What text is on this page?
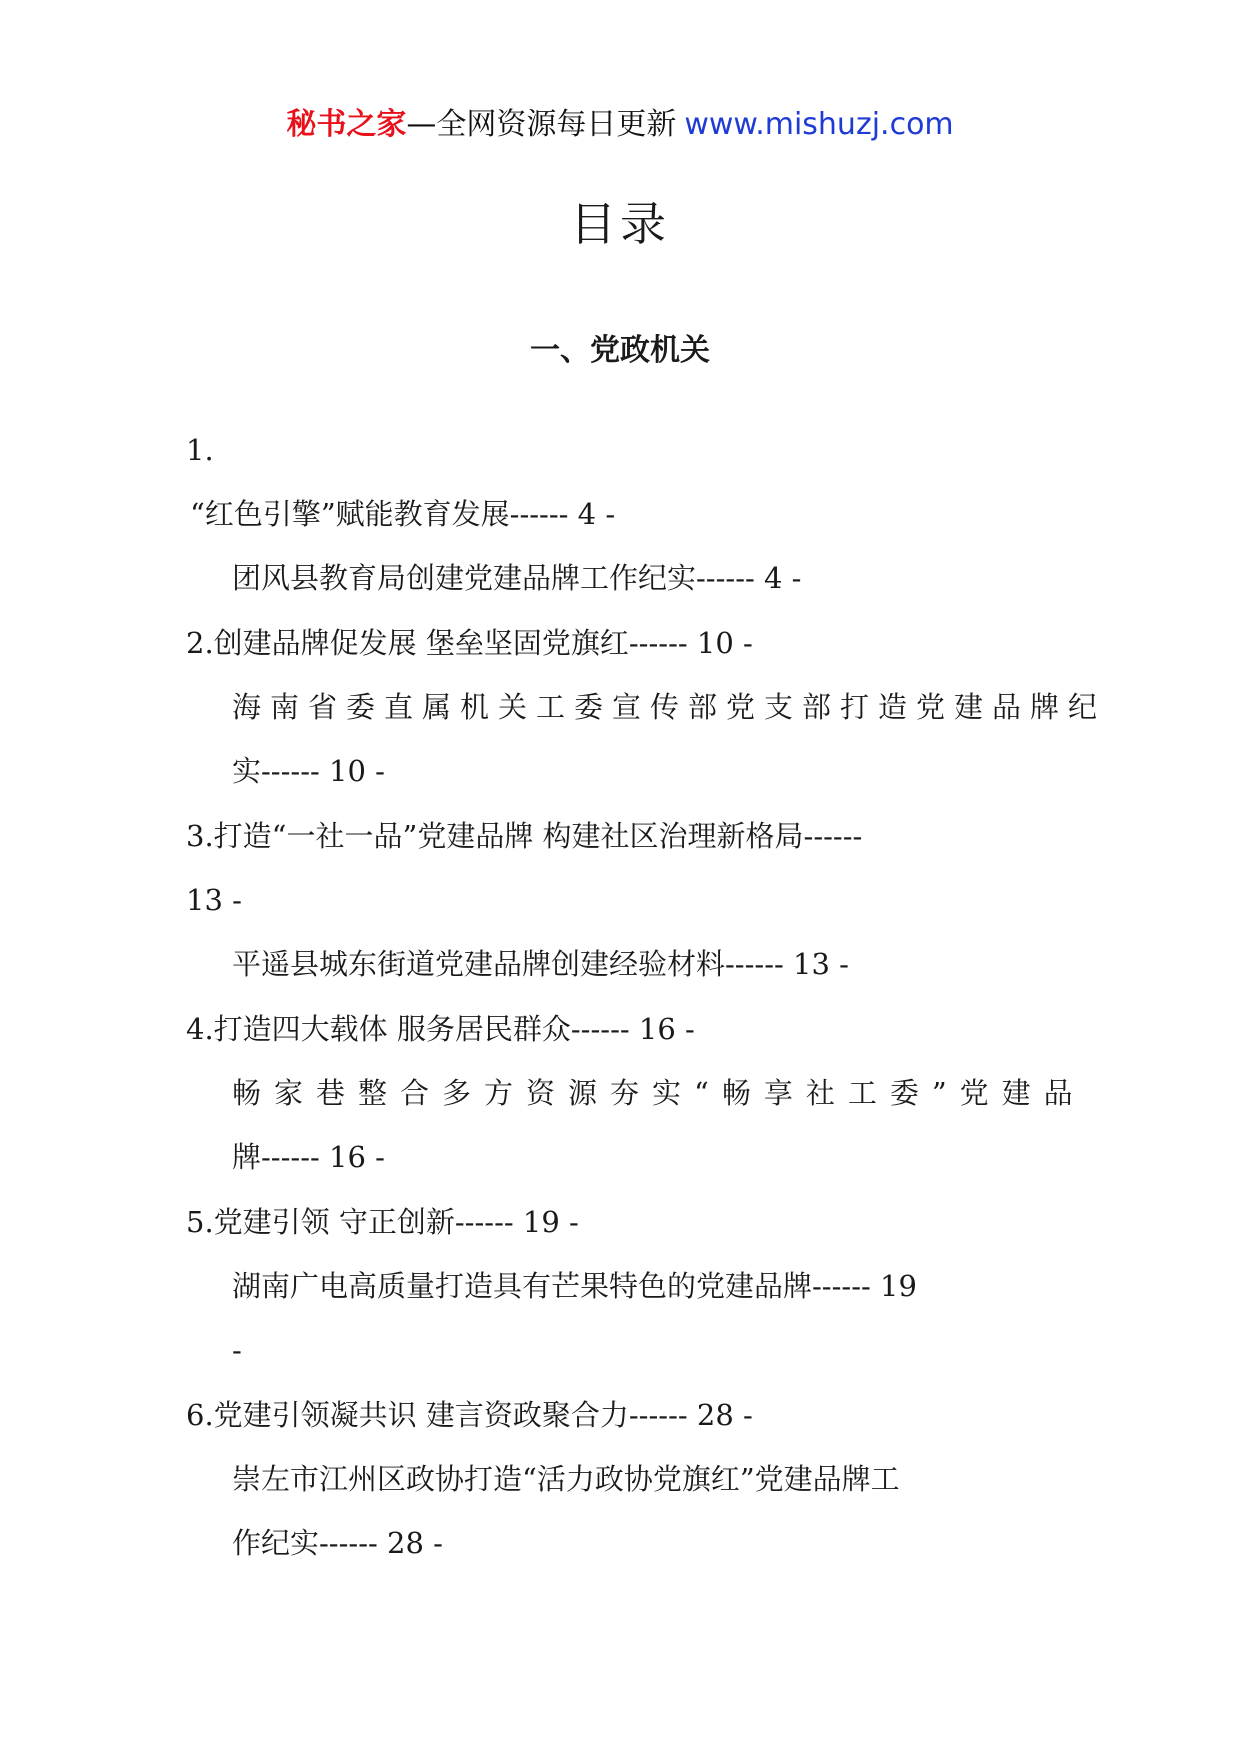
秘书之家—全网资源每日更新 www.mishuzj.com
目录
一、党政机关
1.
“红色引擎”赋能教育发展------ 4 -
团风县教育局创建党建品牌工作纪实------ 4 -
2.创建品牌促发展 堡垒坚固党旗红------ 10 -
海南省委直属机关工委宣传部党支部打造党建品牌纪
实------ 10 -
3.打造“一社一品”党建品牌 构建社区治理新格局------
13 -
平遥县城东街道党建品牌创建经验材料------ 13 -
4.打造四大载体 服务居民群众------ 16 -
畅家巷整合多方资源夯实“畅享社工委”党建品
牌------ 16 -
5.党建引领 守正创新------ 19 -
湖南广电高质量打造具有芒果特色的党建品牌------ 19
-
6.党建引领凝共识 建言资政聚合力------ 28 -
崇左市江州区政协打造“活力政协党旗红”党建品牌工
作纪实------ 28 -
